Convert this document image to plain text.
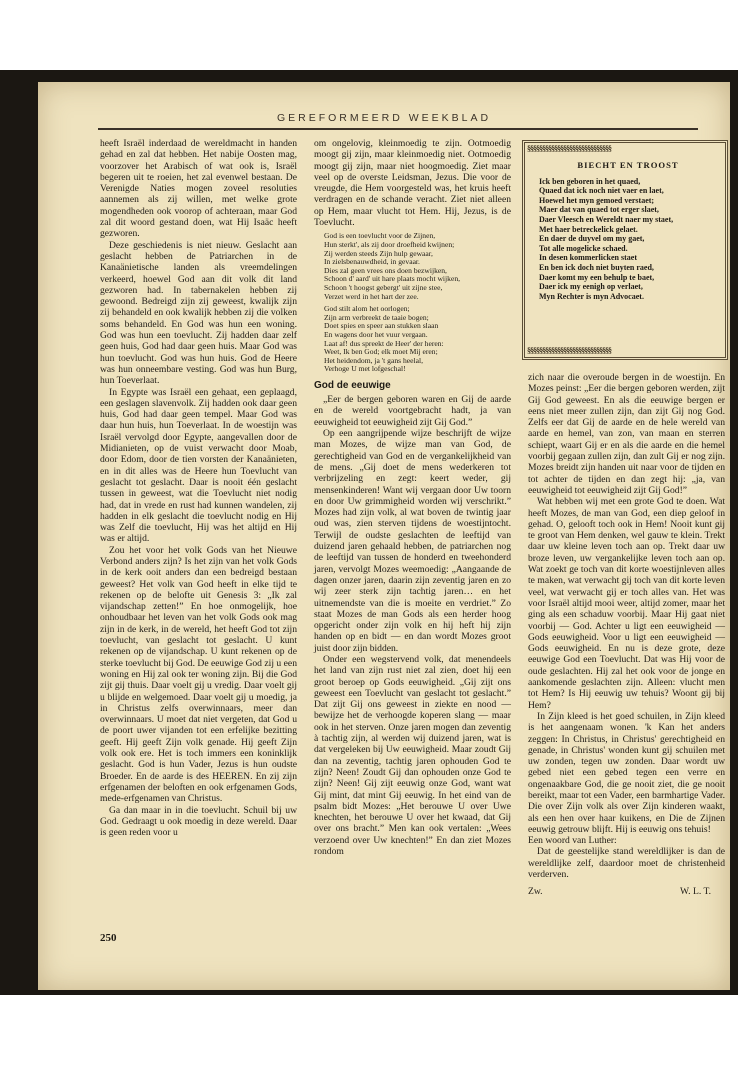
GEREFORMEERD WEEKBLAD

heeft Israël inderdaad de wereldmacht in handen gehad en zal dat hebben. Het nabije Oosten mag, voorzover het Arabisch of wat ook is, Israël begeren uit te roeien, het zal evenwel bestaan. De Verenigde Naties mogen zoveel resoluties aannemen als zij willen, met welke grote mogendheden ook voorop of achteraan, maar God zal dit woord gestand doen, wat Hij Isaäc heeft gezworen.

Deze geschiedenis is niet nieuw. Geslacht aan geslacht hebben de Patriarchen in de Kanaänietische landen als vreemdelingen verkeerd, hoewel God aan dit volk dit land gezworen had. In tabernakelen hebben zij gewoond. Bedreigd zijn zij geweest, kwalijk zijn zij behandeld en ook kwalijk hebben zij die volken soms behandeld. En God was hun een woning. God was hun een toevlucht. Zij hadden daar zelf geen huis, God had daar geen huis. Maar God was hun toevlucht. God was hun huis. God de Heere was hun onneembare vesting. God was hun Burg, hun Toeverlaat.

In Egypte was Israël een gehaat, een geplaagd, een geslagen slavenvolk. Zij hadden ook daar geen huis, God had daar geen tempel. Maar God was daar hun huis, hun Toeverlaat. In de woestijn was Israël vervolgd door Egypte, aangevallen door de Midianieten, op de vuist verwacht door Moab, door Edom, door de tien vorsten der Kanaänieten, en in dit alles was de Heere hun Toevlucht van geslacht tot geslacht. Daar is nooit één geslacht tussen in geweest, wat die Toevlucht niet nodig had, dat in vrede en rust had kunnen wandelen, zij hadden in elk geslacht die toevlucht nodig en Hij was Zelf die toevlucht, Hij was het altijd en Hij was er altijd.

Zou het voor het volk Gods van het Nieuwe Verbond anders zijn? Is het zijn van het volk Gods in de kerk ooit anders dan een bedreigd bestaan geweest? Het volk van God heeft in elke tijd te rekenen op de belofte uit Genesis 3: „Ik zal vijandschap zetten!” En hoe onmogelijk, hoe onhoudbaar het leven van het volk Gods ook mag zijn in de kerk, in de wereld, het heeft God tot zijn toevlucht, van geslacht tot geslacht. U kunt rekenen op de vijandschap. U kunt rekenen op de sterke toevlucht bij God. De eeuwige God zij u een woning en Hij zal ook ter woning zijn. Bij die God zijt gij thuis. Daar voelt gij u vredig. Daar voelt gij u blijde en welgemoed. Daar voelt gij u moedig, ja in Christus zelfs overwinnaars, meer dan overwinnaars. U moet dat niet vergeten, dat God u de poort uwer vijanden tot een erfelijke bezitting geeft. Hij geeft Zijn volk genade. Hij geeft Zijn volk ook ere. Het is toch immers een koninklijk geslacht. God is hun Vader, Jezus is hun oudste Broeder. En de aarde is des HEEREN. En zij zijn erfgenamen der beloften en ook erfgenamen Gods, mede-erfgenamen van Christus.

Ga dan maar in in die toevlucht. Schuil bij uw God. Gedraagt u ook moedig in deze wereld. Daar is geen reden voor u

om ongelovig, kleinmoedig te zijn. Ootmoedig moogt gij zijn, maar kleinmoedig niet. Ootmoedig moogt gij zijn, maar niet hoogmoedig. Ziet maar veel op de overste Leidsman, Jezus. Die voor de vreugde, die Hem voorgesteld was, het kruis heeft verdragen en de schande veracht. Ziet niet alleen op Hem, maar vlucht tot Hem. Hij, Jezus, is de Toevlucht.

God is een toevlucht voor de Zijnen,
Hun sterkt', als zij door droefheid kwijnen;
Zij werden steeds Zijn hulp gewaar,
In zielsbenauwdheid, in gevaar.
Dies zal geen vrees ons doen bezwijken,
Schoon d' aard' uit hare plaats mocht wijken,
Schoon 't hoogst gebergt' uit zijne stee,
Verzet werd in het hart der zee.
God stilt alom het oorlogen;
Zijn arm verbreekt de taaie bogen;
Doet spies en speer aan stukken slaan
En wagens door het vuur vergaan.
Laat af! dus spreekt de Heer' der heren:
Weet, Ik ben God; elk moet Mij eren;
Het heidendom, ja 't gans heelal,
Verhoge U met lofgeschal!
God de eeuwige

„Eer de bergen geboren waren en Gij de aarde en de wereld voortgebracht hadt, ja van eeuwigheid tot eeuwigheid zijt Gij God.”

Op een aangrijpende wijze beschrijft de wijze man Mozes, de wijze man van God, de gerechtigheid van God en de vergankelijkheid van de mens. „Gij doet de mens wederkeren tot verbrijzeling en zegt: keert weder, gij mensenkinderen! Want wij vergaan door Uw toorn en door Uw grimmigheid worden wij verschrikt.” Mozes had zijn volk, al wat boven de twintig jaar oud was, zien sterven tijdens de woestijntocht. Terwijl de oudste geslachten de leeftijd van duizend jaren gehaald hebben, de patriarchen nog de leeftijd van tussen de honderd en tweehonderd jaren, vervolgt Mozes weemoedig: „Aangaande de dagen onzer jaren, daarin zijn zeventig jaren en zo wij zeer sterk zijn tachtig jaren… en het uitnemendste van die is moeite en verdriet.” Zo staat Mozes de man Gods als een herder hoog opgericht onder zijn volk en hij heft hij zijn handen op en bidt — en dan wordt Mozes groot juist door zijn bidden.

Onder een wegstervend volk, dat menendeels het land van zijn rust niet zal zien, doet hij een groot beroep op Gods eeuwigheid. „Gij zijt ons geweest een Toevlucht van geslacht tot geslacht.” Dat zijt Gij ons geweest in ziekte en nood — bewijze het de verhoogde koperen slang — maar ook in het sterven. Onze jaren mogen dan zeventig à tachtig zijn, al werden wij duizend jaren, wat is dat vergeleken bij Uw eeuwigheid. Maar zoudt Gij dan na zeventig, tachtig jaren ophouden God te zijn? Neen! Zoudt Gij dan ophouden onze God te zijn? Neen! Gij zijt eeuwig onze God, want wat Gij mint, dat mint Gij eeuwig. In het eind van de psalm bidt Mozes: „Het berouwe U over Uwe knechten, het berouwe U over het kwaad, dat Gij over ons bracht.” Men kan ook vertalen: „Wees verzoend over Uw knechten!” En dan ziet Mozes rondom

§§§§§§§§§§§§§§§§§§§§§§§§§§§§ BIECHT EN TROOST
Ick ben geboren in het quaed,
Quaed dat ick noch niet vaer en laet,
Hoewel het myn gemoed verstaet;
Maer dat van quaed tot erger slaet,
Daer Vleesch en Wereldt naer my staet,
Met haer betreckelick gelaet.
En daer de duyvel om my gaet,
Tot alle mogelicke schaed.
In desen kommerlicken staet
En ben ick doch niet buyten raed,
Daer komt my een behulp te baet,
Daer ick my eenigh op verlaet,
Myn Rechter is myn Advocaet.
§§§§§§§§§§§§§§§§§§§§§§§§§§§§

zich naar die overoude bergen in de woestijn. En Mozes peinst: „Eer die bergen geboren werden, zijt Gij God geweest. En als die eeuwige bergen er eens niet meer zullen zijn, dan zijt Gij nog God. Zelfs eer dat Gij de aarde en de hele wereld van aarde en hemel, van zon, van maan en sterren schiept, waart Gij er en als die aarde en die hemel voorbij gegaan zullen zijn, dan zult Gij er nog zijn. Mozes breidt zijn handen uit naar voor de tijden en tot achter de tijden en dan zegt hij: „ja, van eeuwigheid tot eeuwigheid zijt Gij God!”

Wat hebben wij met een grote God te doen. Wat heeft Mozes, de man van God, een diep geloof in gehad. O, gelooft toch ook in Hem! Nooit kunt gij te groot van Hem denken, wel gauw te klein. Trekt daar uw kleine leven toch aan op. Trekt daar uw broze leven, uw vergankelijke leven toch aan op. Wat zoekt ge toch van dit korte woestijnleven alles te maken, wat verwacht gij toch van dit korte leven veel, wat verwacht gij er toch alles van. Het was voor Israël altijd mooi weer, altijd zomer, maar het ging als een schaduw voorbij. Maar Hij gaat niet voorbij — God. Achter u ligt een eeuwigheid — Gods eeuwigheid. Voor u ligt een eeuwigheid — Gods eeuwigheid. En nu is deze grote, deze eeuwige God een Toevlucht. Dat was Hij voor de oude geslachten. Hij zal het ook voor de jonge en aankomende geslachten zijn. Alleen: vlucht men tot Hem? Is Hij eeuwig uw tehuis? Woont gij bij Hem?

In Zijn kleed is het goed schuilen, in Zijn kleed is het aangenaam wonen. 'k Kan het anders zeggen: In Christus, in Christus' gerechtigheid en genade, in Christus' wonden kunt gij schuilen met uw zonden, tegen uw zonden. Daar wordt uw gebed niet een gebed tegen een verre en ongenaakbare God, die ge nooit ziet, die ge nooit bereikt, maar tot een Vader, een barmhartige Vader. Die over Zijn volk als over Zijn kinderen waakt, als een hen over haar kuikens, en Die de Zijnen eeuwig getrouw blijft. Hij is eeuwig ons tehuis!

Een woord van Luther:

Dat de geestelijke stand wereldlijker is dan de wereldlijke zelf, daardoor moet de christenheid verderven.

Zw.	W. L. T.
250
